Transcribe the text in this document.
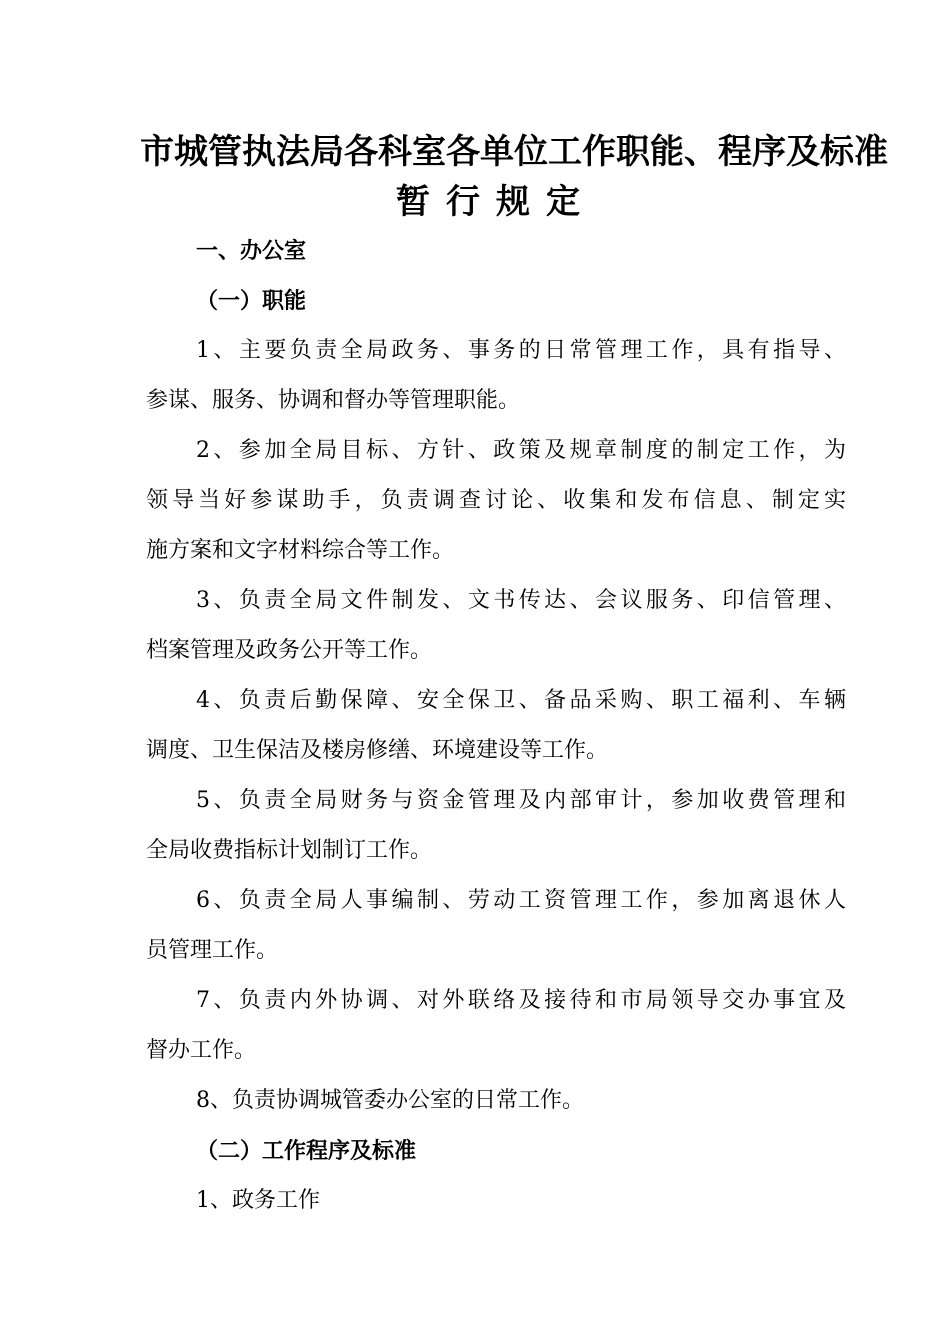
市城管执法局各科室各单位工作职能、程序及标准
暂行规定
一、办公室
（一）职能
1、主要负责全局政务、事务的日常管理工作，具有指导、
参谋、服务、协调和督办等管理职能。
2、参加全局目标、方针、政策及规章制度的制定工作，为
领导当好参谋助手，负责调查讨论、收集和发布信息、制定实
施方案和文字材料综合等工作。
3、负责全局文件制发、文书传达、会议服务、印信管理、
档案管理及政务公开等工作。
4、负责后勤保障、安全保卫、备品采购、职工福利、车辆
调度、卫生保洁及楼房修缮、环境建设等工作。
5、负责全局财务与资金管理及内部审计，参加收费管理和
全局收费指标计划制订工作。
6、负责全局人事编制、劳动工资管理工作，参加离退休人
员管理工作。
7、负责内外协调、对外联络及接待和市局领导交办事宜及
督办工作。
8、负责协调城管委办公室的日常工作。
（二）工作程序及标准
1、政务工作
